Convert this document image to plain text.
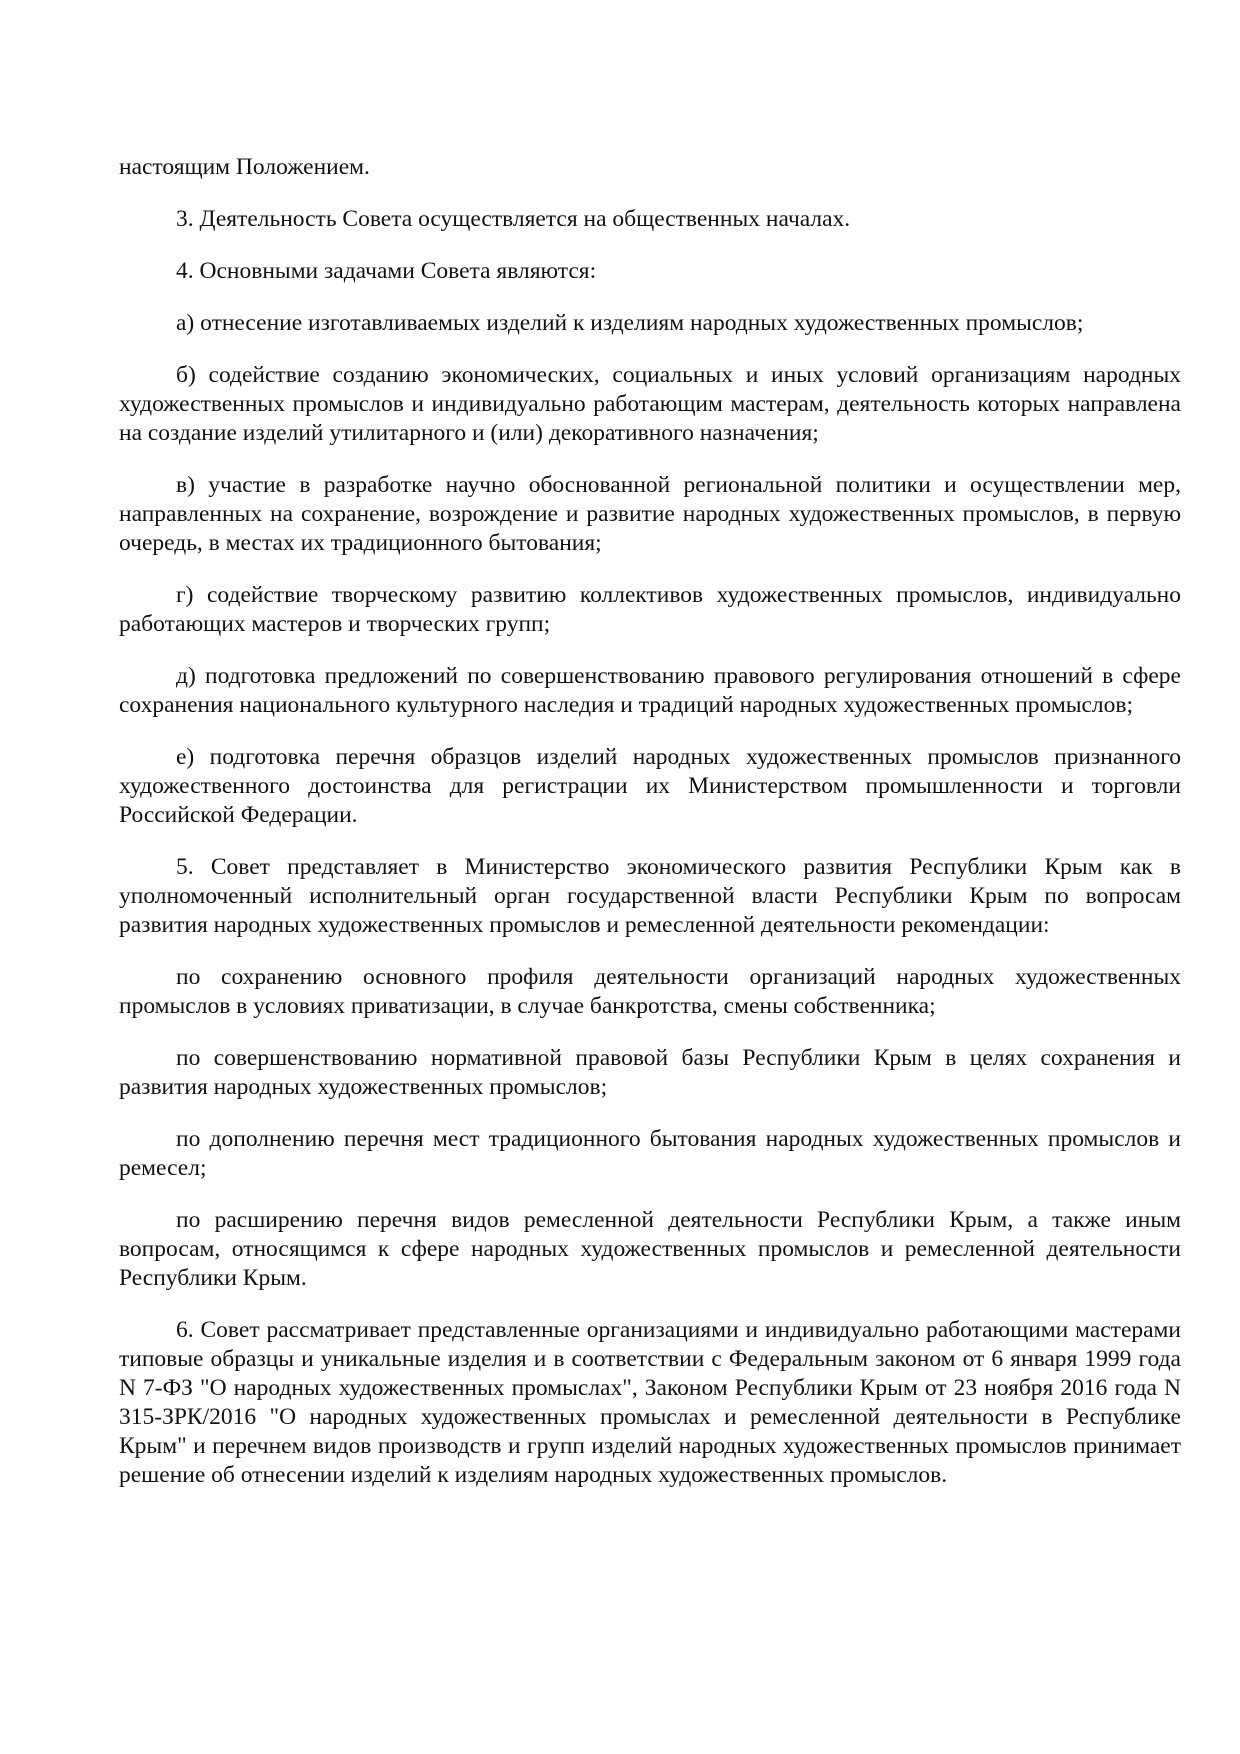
настоящим Положением.

3. Деятельность Совета осуществляется на общественных началах.

4. Основными задачами Совета являются:

а) отнесение изготавливаемых изделий к изделиям народных художественных промыслов;

б) содействие созданию экономических, социальных и иных условий организациям народных художественных промыслов и индивидуально работающим мастерам, деятельность которых направлена на создание изделий утилитарного и (или) декоративного назначения;

в) участие в разработке научно обоснованной региональной политики и осуществлении мер, направленных на сохранение, возрождение и развитие народных художественных промыслов, в первую очередь, в местах их традиционного бытования;

г) содействие творческому развитию коллективов художественных промыслов, индивидуально работающих мастеров и творческих групп;

д) подготовка предложений по совершенствованию правового регулирования отношений в сфере сохранения национального культурного наследия и традиций народных художественных промыслов;

е) подготовка перечня образцов изделий народных художественных промыслов признанного художественного достоинства для регистрации их Министерством промышленности и торговли Российской Федерации.

5. Совет представляет в Министерство экономического развития Республики Крым как в уполномоченный исполнительный орган государственной власти Республики Крым по вопросам развития народных художественных промыслов и ремесленной деятельности рекомендации:

по сохранению основного профиля деятельности организаций народных художественных промыслов в условиях приватизации, в случае банкротства, смены собственника;

по совершенствованию нормативной правовой базы Республики Крым в целях сохранения и развития народных художественных промыслов;

по дополнению перечня мест традиционного бытования народных художественных промыслов и ремесел;

по расширению перечня видов ремесленной деятельности Республики Крым, а также иным вопросам, относящимся к сфере народных художественных промыслов и ремесленной деятельности Республики Крым.

6. Совет рассматривает представленные организациями и индивидуально работающими мастерами типовые образцы и уникальные изделия и в соответствии с Федеральным законом от 6 января 1999 года N 7-ФЗ "О народных художественных промыслах", Законом Республики Крым от 23 ноября 2016 года N 315-ЗРК/2016 "О народных художественных промыслах и ремесленной деятельности в Республике Крым" и перечнем видов производств и групп изделий народных художественных промыслов принимает решение об отнесении изделий к изделиям народных художественных промыслов.
